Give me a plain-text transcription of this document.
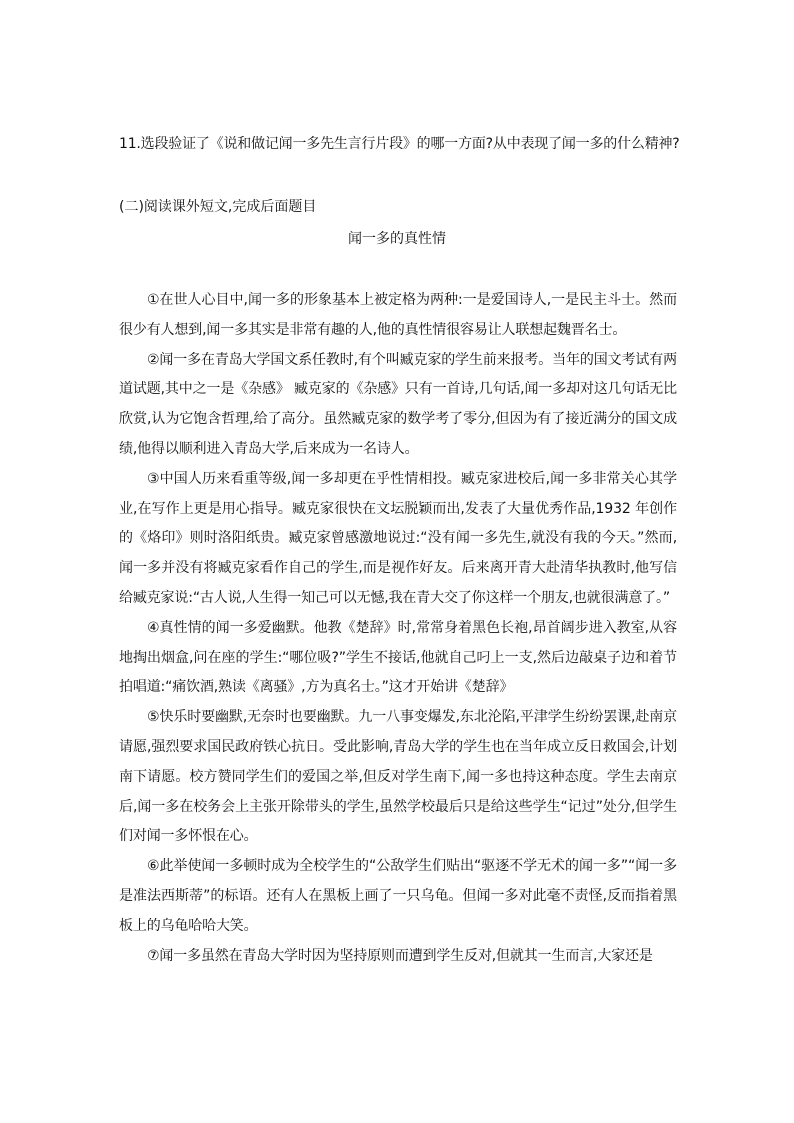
11.选段验证了《说和做记闻一多先生言行片段》的哪一方面?从中表现了闻一多的什么精神?
(二)阅读课外短文,完成后面题目
闻一多的真性情

①在世人心目中,闻一多的形象基本上被定格为两种:一是爱国诗人,一是民主斗士。然而很少有人想到,闻一多其实是非常有趣的人,他的真性情很容易让人联想起魏晋名士。

②闻一多在青岛大学国文系任教时,有个叫臧克家的学生前来报考。当年的国文考试有两道试题,其中之一是《杂感》 臧克家的《杂感》只有一首诗,几句话,闻一多却对这几句话无比欣赏,认为它饱含哲理,给了高分。虽然臧克家的数学考了零分,但因为有了接近满分的国文成绩,他得以顺利进入青岛大学,后来成为一名诗人。

③中国人历来看重等级,闻一多却更在乎性情相投。臧克家进校后,闻一多非常关心其学业,在写作上更是用心指导。臧克家很快在文坛脱颖而出,发表了大量优秀作品,1932 年创作的《烙印》则时洛阳纸贵。臧克家曾感激地说过:“没有闻一多先生,就没有我的今天。”然而,闻一多并没有将臧克家看作自己的学生,而是视作好友。后来离开青大赴清华执教时,他写信给臧克家说:“古人说,人生得一知己可以无憾,我在青大交了你这样一个朋友,也就很满意了。”

④真性情的闻一多爱幽默。他教《楚辞》时,常常身着黑色长袍,昂首阔步进入教室,从容地掏出烟盒,问在座的学生:“哪位吸?”学生不接话,他就自己叼上一支,然后边敲桌子边和着节拍唱道:“痛饮酒,熟读《离骚》,方为真名士。”这才开始讲《楚辞》

⑤快乐时要幽默,无奈时也要幽默。九一八事变爆发,东北沦陷,平津学生纷纷罢课,赴南京请愿,强烈要求国民政府铁心抗日。受此影响,青岛大学的学生也在当年成立反日救国会,计划南下请愿。校方赞同学生们的爱国之举,但反对学生南下,闻一多也持这种态度。学生去南京后,闻一多在校务会上主张开除带头的学生,虽然学校最后只是给这些学生“记过”处分,但学生们对闻一多怀恨在心。

⑥此举使闻一多顿时成为全校学生的“公敌学生们贴出“驱逐不学无术的闻一多”“闻一多是准法西斯蒂”的标语。还有人在黑板上画了一只乌龟。但闻一多对此毫不责怪,反而指着黑板上的乌龟哈哈大笑。

⑦闻一多虽然在青岛大学时因为坚持原则而遭到学生反对,但就其一生而言,大家还是
